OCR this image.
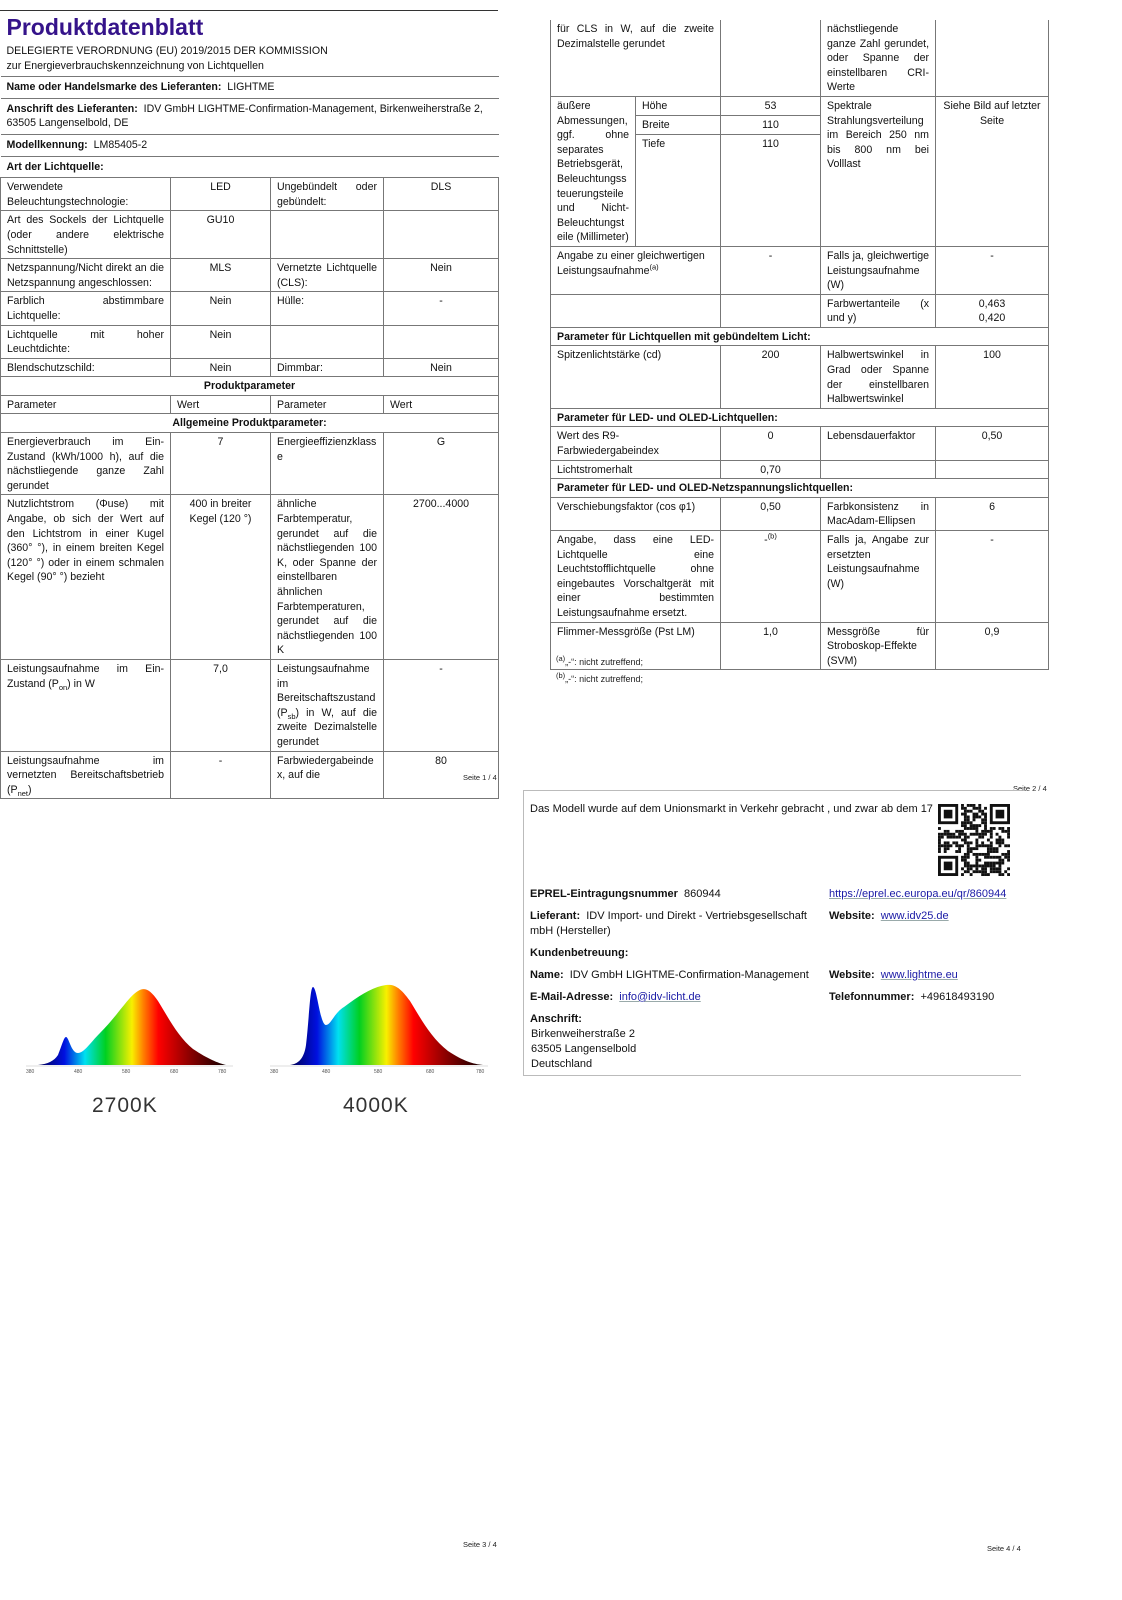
Produktdatenblatt
DELEGIERTE VERORDNUNG (EU) 2019/2015 DER KOMMISSION zur Energieverbrauchskennzeichnung von Lichtquellen			

Name oder Handelsmarke des Lieferanten: LIGHTME			
Anschrift des Lieferanten: IDV GmbH LIGHTME-Confirmation-Management, Birkenweiherstraße 2, 63505 Langenselbold, DE			
Modellkennung: LM85405-2			
Art der Lichtquelle:			
Verwendete Beleuchtungstechnologie:	LED	Ungebündelt oder gebündelt:	DLS
Art des Sockels der Lichtquelle (oder andere elektrische Schnittstelle)	GU10		
Netzspannung/Nicht direkt an die Netzspannung angeschlossen:	MLS	Vernetzte Lichtquelle (CLS):	Nein
Farblich abstimmbare Lichtquelle:	Nein	Hülle:	-
Lichtquelle mit hoher Leuchtdichte:	Nein		
Blendschutzschild:	Nein	Dimmbar:	Nein
Produktparameter			
Parameter	Wert	Parameter	Wert
Allgemeine Produktparameter:			
Energieverbrauch im Ein-Zustand (kWh/1000 h), auf die nächstliegende ganze Zahl gerundet	7	Energieeffizienzklasse	G
Nutzlichtstrom (Φuse) mit Angabe, ob sich der Wert auf den Lichtstrom in einer Kugel (360° °), in einem breiten Kegel (120° °) oder in einem schmalen Kegel (90° °) bezieht	400 in breiter Kegel (120 °)	ähnliche Farbtemperatur, gerundet auf die nächstliegenden 100 K, oder Spanne der einstellbaren ähnlichen Farbtemperaturen, gerundet auf die nächstliegenden 100 K	2700...4000
Leistungsaufnahme im Ein-Zustand $(P_{on})$ in W	7,0	Leistungsaufnahme im Bereitschaftszustand $(P_{sb})$ in W, auf die zweite Dezimalstelle gerundet	-
Leistungsaufnahme im vernetzten Bereitschaftsbetrieb $(P_{net})$	-	Farbwiedergabeindex, auf die	80
Seite 1 / 4
für CLS in W, auf die zweite Dezimalstelle gerundet			nächstliegende ganze Zahl gerundet, oder Spanne der einstellbaren CRI-Werte	
äußere Abmessungen, ggf. ohne separates Betriebsgerät, Beleuchtungssteuerungsteile und Nicht-Beleuchtungsteile (Millimeter)	Höhe	53	Spektrale Strahlungsverteilung im Bereich 250 nm bis 800 nm bei Volllast	Siehe Bild auf letzter Seite
	Breite	110		
	Tiefe	110		
Angabe zu einer gleichwertigen Leistungsaufnahme$^{(a)}$		-	Falls ja, gleichwertige Leistungsaufnahme (W)	-
			Farbwertanteile (x und y)	0,463
0,420

Parameter für Lichtquellen mit gebündeltem Licht:				
Spitzenlichtstärke (cd)		200	Halbwertswinkel in Grad oder Spanne der einstellbaren Halbwertswinkel	100
Parameter für LED- und OLED-Lichtquellen:				
Wert des R9-Farbwiedergabeindex		0	Lebensdauerfaktor	0,50
Lichtstromerhalt		0,70		
Parameter für LED- und OLED-Netzspannungslichtquellen:				
Verschiebungsfaktor (cos φ1)		0,50	Farbkonsistenz in MacAdam-Ellipsen	6
Angabe, dass eine LED-Lichtquelle eine Leuchtstofflichtquelle ohne eingebautes Vorschaltgerät mit einer bestimmten Leistungsaufnahme ersetzt.		-$^{(b)}$	Falls ja, Angabe zur ersetzten Leistungsaufnahme (W)	-
Flimmer-Messgröße (Pst LM)		1,0	Messgröße für Stroboskop-Effekte (SVM)	0,9
$^{(a)}$„-“: nicht zutreffend;
$^{(b)}$„-“: nicht zutreffend;
Seite 2 / 4
380	480	580	680	780
2700K
380	480	580	680	780
4000K
Seite 3 / 4
Das Modell wurde auf dem Unionsmarkt in Verkehr gebracht , und zwar ab dem 17
EPREL-Eintragungsnummer 860944	https://eprel.ec.europa.eu/qr/860944
Lieferant: IDV Import- und Direkt - Vertriebsgesellschaft mbH (Hersteller)
Website: www.idv25.de
Kundenbetreuung:
Name: IDV GmbH LIGHTME-Confirmation-Management Website: www.lightme.eu
E-Mail-Adresse: info@idv-licht.de	Telefonnummer: +49618493190
Anschrift:
Birkenweiherstraße 2
63505 Langenselbold
Deutschland
Seite 4 / 4
